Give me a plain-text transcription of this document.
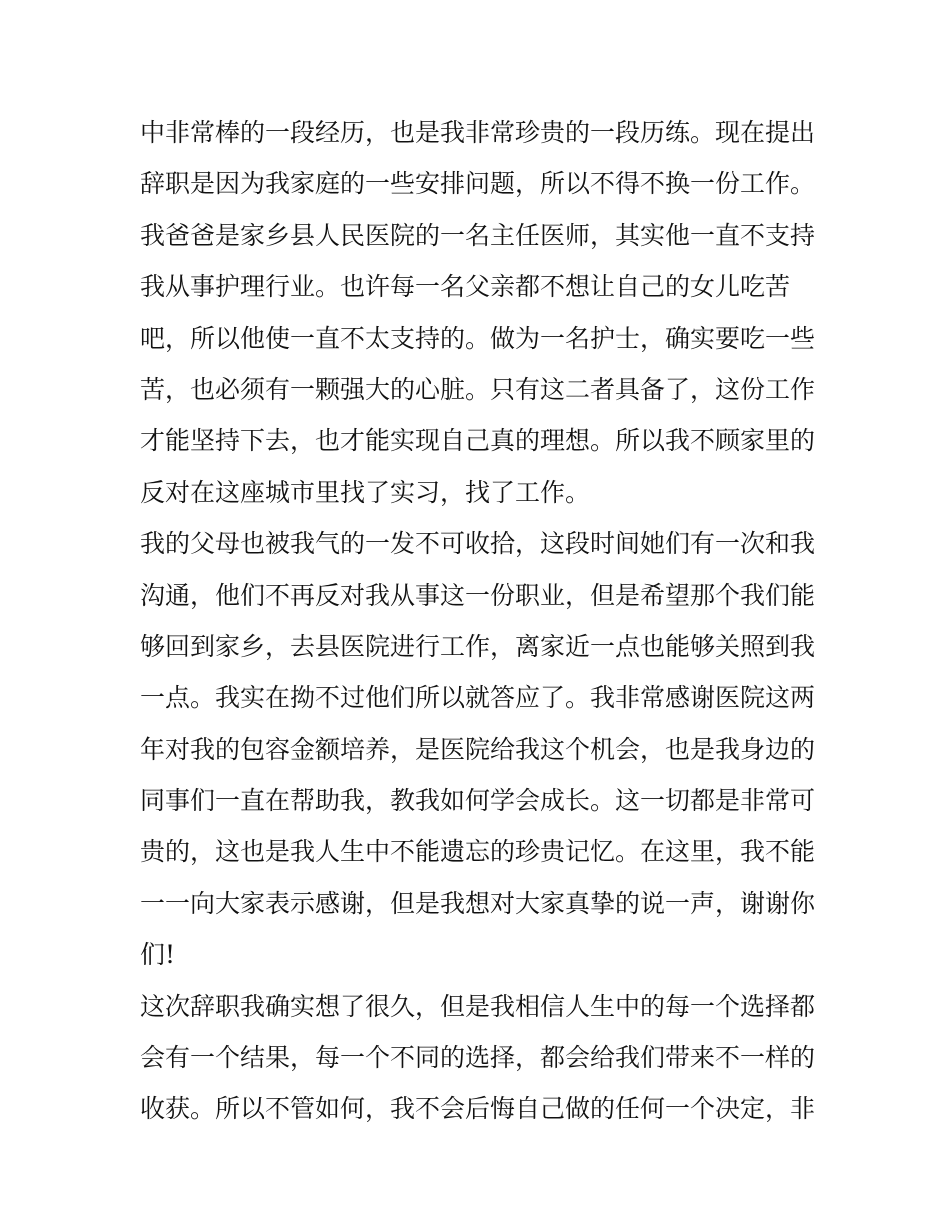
中非常棒的一段经历，也是我非常珍贵的一段历练。现在提出

辞职是因为我家庭的一些安排问题，所以不得不换一份工作。

我爸爸是家乡县人民医院的一名主任医师，其实他一直不支持

我从事护理行业。也许每一名父亲都不想让自己的女儿吃苦

吧，所以他使一直不太支持的。做为一名护士，确实要吃一些

苦，也必须有一颗强大的心脏。只有这二者具备了，这份工作

才能坚持下去，也才能实现自己真的理想。所以我不顾家里的

反对在这座城市里找了实习，找了工作。

我的父母也被我气的一发不可收拾，这段时间她们有一次和我

沟通，他们不再反对我从事这一份职业，但是希望那个我们能

够回到家乡，去县医院进行工作，离家近一点也能够关照到我

一点。我实在拗不过他们所以就答应了。我非常感谢医院这两

年对我的包容金额培养，是医院给我这个机会，也是我身边的

同事们一直在帮助我，教我如何学会成长。这一切都是非常可

贵的，这也是我人生中不能遗忘的珍贵记忆。在这里，我不能

一一向大家表示感谢，但是我想对大家真挚的说一声，谢谢你

们!

这次辞职我确实想了很久，但是我相信人生中的每一个选择都

会有一个结果，每一个不同的选择，都会给我们带来不一样的

收获。所以不管如何，我不会后悔自己做的任何一个决定，非
